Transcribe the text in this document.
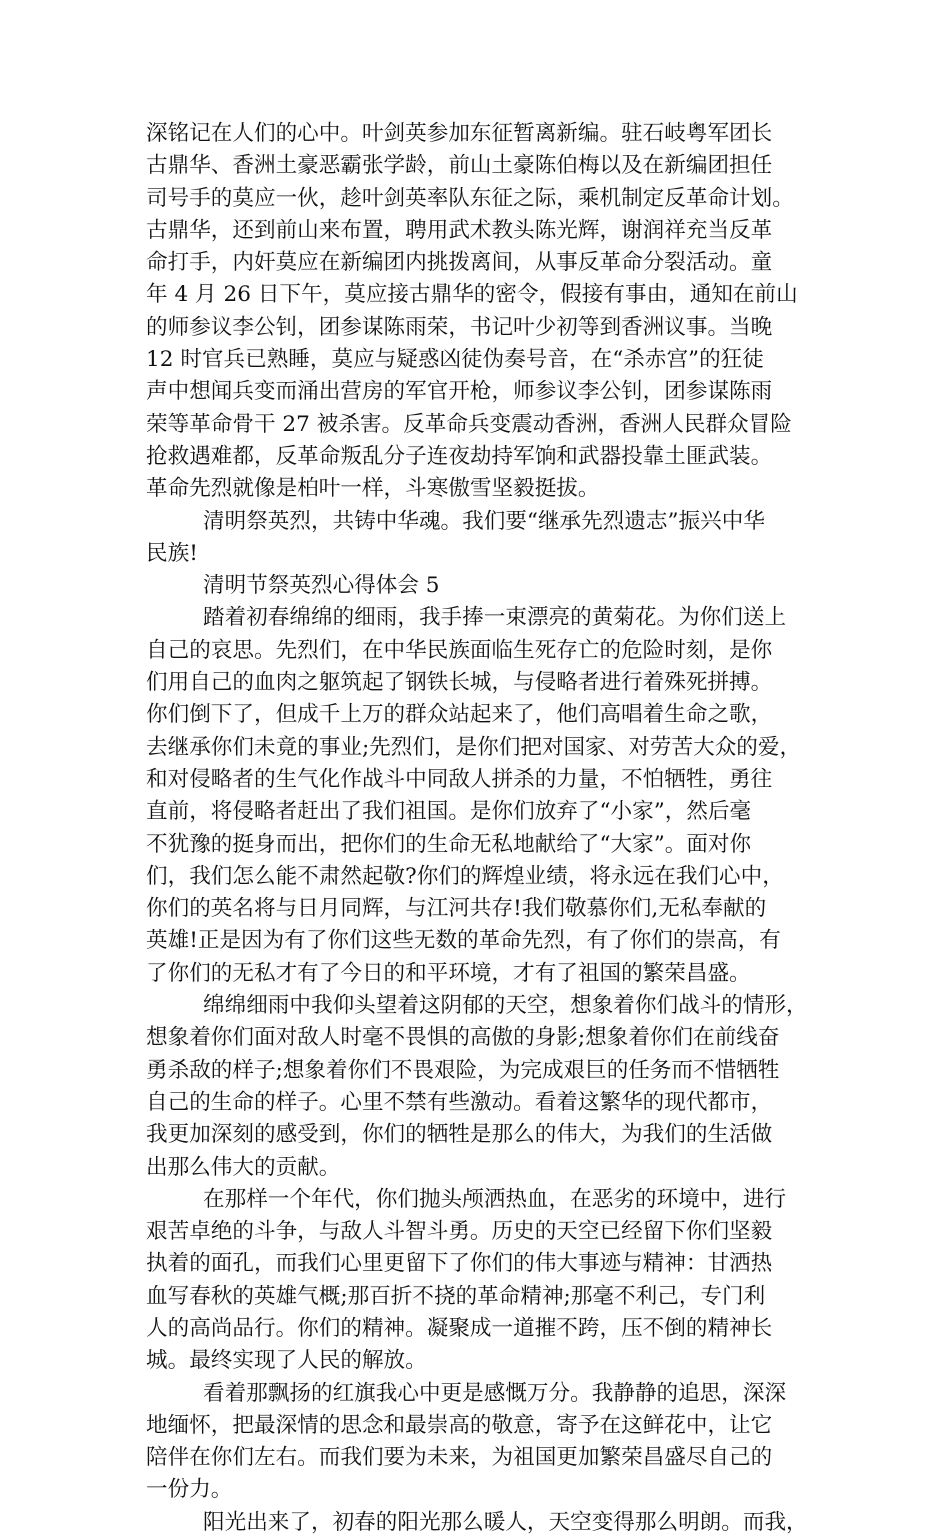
深铭记在人们的心中。叶剑英参加东征暂离新编。驻石岐粤军团长
古鼎华、香洲土豪恶霸张学龄，前山土豪陈伯梅以及在新编团担任
司号手的莫应一伙，趁叶剑英率队东征之际，乘机制定反革命计划。
古鼎华，还到前山来布置，聘用武术教头陈光辉，谢润祥充当反革
命打手，内奸莫应在新编团内挑拨离间，从事反革命分裂活动。童
年 4 月 26 日下午，莫应接古鼎华的密令，假接有事由，通知在前山
的师参议李公钊，团参谋陈雨荣，书记叶少初等到香洲议事。当晚
12 时官兵已熟睡，莫应与疑惑凶徒伪奏号音，在“杀赤宫”的狂徒
声中想闻兵变而涌出营房的军官开枪，师参议李公钊，团参谋陈雨
荣等革命骨干 27 被杀害。反革命兵变震动香洲，香洲人民群众冒险
抢救遇难都，反革命叛乱分子连夜劫持军饷和武器投靠土匪武装。
革命先烈就像是柏叶一样，斗寒傲雪坚毅挺拔。
清明祭英烈，共铸中华魂。我们要“继承先烈遗志”振兴中华
民族!
清明节祭英烈心得体会 5
踏着初春绵绵的细雨，我手捧一束漂亮的黄菊花。为你们送上
自己的哀思。先烈们，在中华民族面临生死存亡的危险时刻，是你
们用自己的血肉之躯筑起了钢铁长城，与侵略者进行着殊死拼搏。
你们倒下了，但成千上万的群众站起来了，他们高唱着生命之歌，
去继承你们未竟的事业;先烈们，是你们把对国家、对劳苦大众的爱，
和对侵略者的生气化作战斗中同敌人拼杀的力量，不怕牺牲，勇往
直前，将侵略者赶出了我们祖国。是你们放弃了“小家”，然后毫
不犹豫的挺身而出，把你们的生命无私地献给了“大家”。面对你
们，我们怎么能不肃然起敬?你们的辉煌业绩，将永远在我们心中，
你们的英名将与日月同辉，与江河共存!我们敬慕你们,无私奉献的
英雄!正是因为有了你们这些无数的革命先烈，有了你们的崇高，有
了你们的无私才有了今日的和平环境，才有了祖国的繁荣昌盛。
绵绵细雨中我仰头望着这阴郁的天空，想象着你们战斗的情形，
想象着你们面对敌人时毫不畏惧的高傲的身影;想象着你们在前线奋
勇杀敌的样子;想象着你们不畏艰险，为完成艰巨的任务而不惜牺牲
自己的生命的样子。心里不禁有些激动。看着这繁华的现代都市，
我更加深刻的感受到，你们的牺牲是那么的伟大，为我们的生活做
出那么伟大的贡献。
在那样一个年代，你们抛头颅洒热血，在恶劣的环境中，进行
艰苦卓绝的斗争，与敌人斗智斗勇。历史的天空已经留下你们坚毅
执着的面孔，而我们心里更留下了你们的伟大事迹与精神：甘洒热
血写春秋的英雄气概;那百折不挠的革命精神;那毫不利己，专门利
人的高尚品行。你们的精神。凝聚成一道摧不跨，压不倒的精神长
城。最终实现了人民的解放。
看着那飘扬的红旗我心中更是感慨万分。我静静的追思，深深
地缅怀，把最深情的思念和最崇高的敬意，寄予在这鲜花中，让它
陪伴在你们左右。而我们要为未来，为祖国更加繁荣昌盛尽自己的
一份力。
阳光出来了，初春的阳光那么暖人，天空变得那么明朗。而我，
